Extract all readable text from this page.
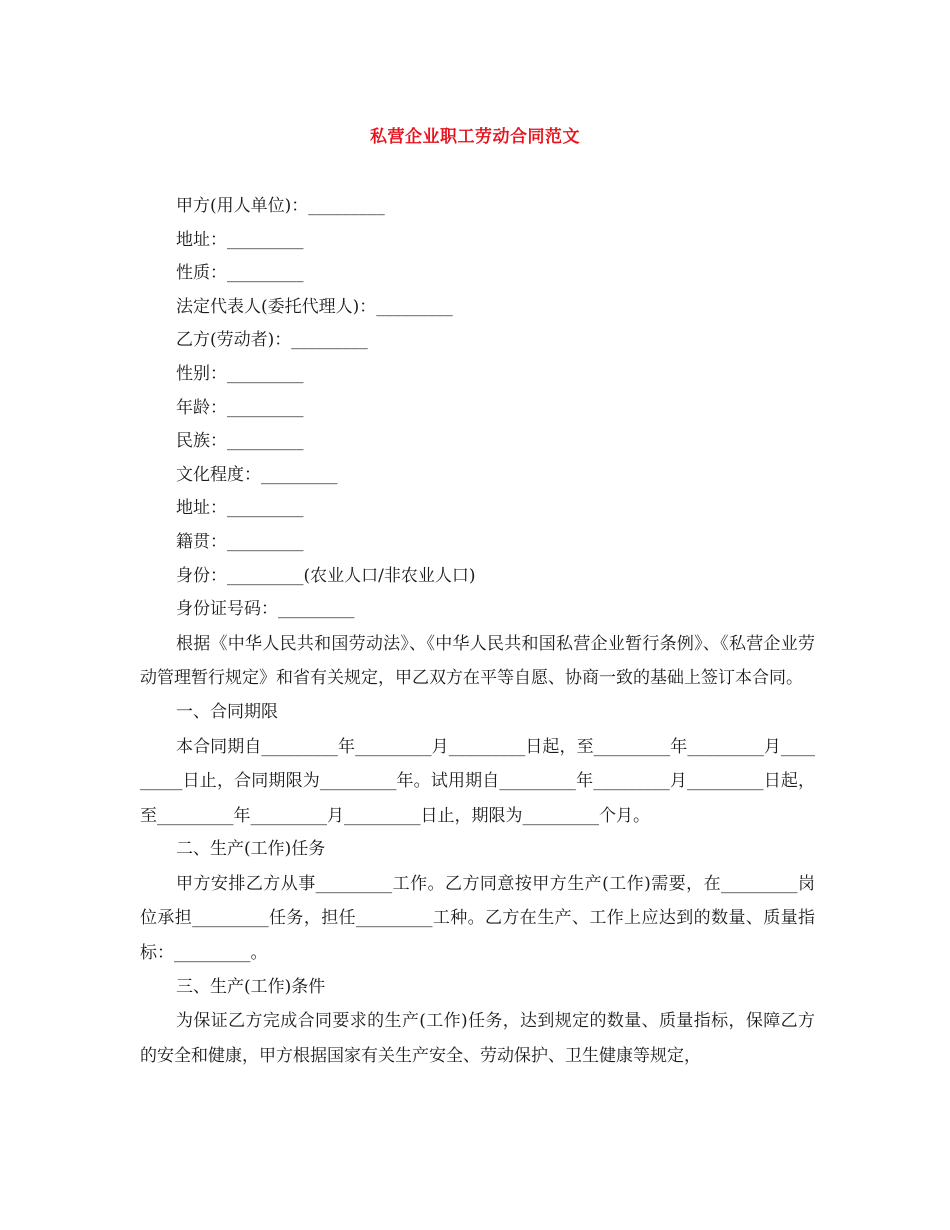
私营企业职工劳动合同范文
甲方(用人单位)：_________
地址：_________
性质：_________
法定代表人(委托代理人)：_________
乙方(劳动者)：_________
性别：_________
年龄：_________
民族：_________
文化程度：_________
地址：_________
籍贯：_________
身份：_________(农业人口/非农业人口)
身份证号码：_________
根据《中华人民共和国劳动法》、《中华人民共和国私营企业暂行条例》、《私营企业劳动管理暂行规定》和省有关规定，甲乙双方在平等自愿、协商一致的基础上签订本合同。
一、合同期限
本合同期自_________年_________月_________日起，至_________年_________月_________日止，合同期限为_________年。试用期自_________年_________月_________日起，至_________年_________月_________日止，期限为_________个月。
二、生产(工作)任务
甲方安排乙方从事_________工作。乙方同意按甲方生产(工作)需要，在_________岗位承担_________任务，担任_________工种。乙方在生产、工作上应达到的数量、质量指标：_________。
三、生产(工作)条件
为保证乙方完成合同要求的生产(工作)任务，达到规定的数量、质量指标，保障乙方的安全和健康，甲方根据国家有关生产安全、劳动保护、卫生健康等规定，
